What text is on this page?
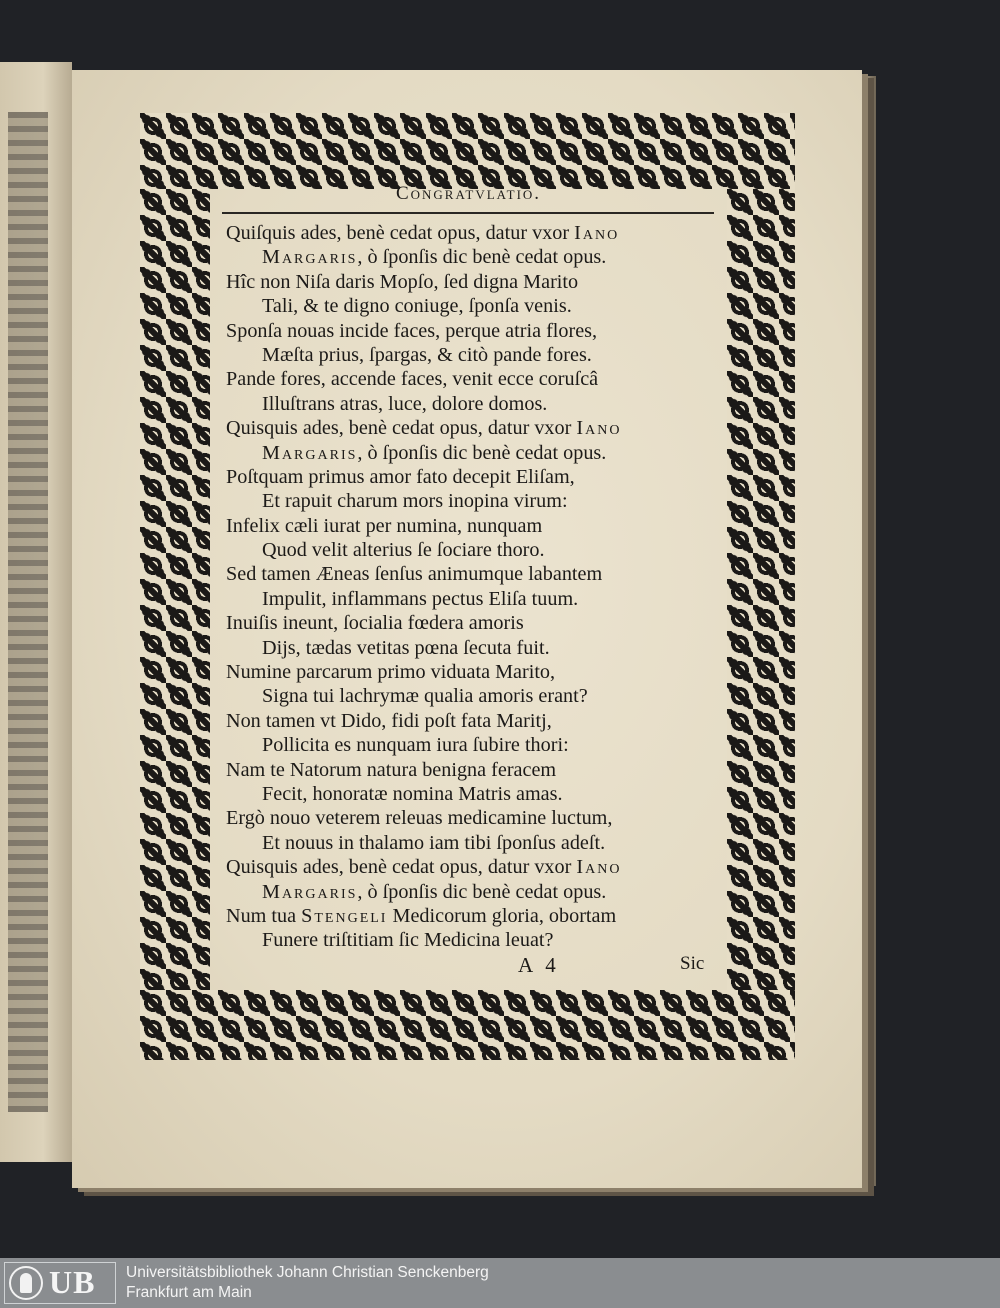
Congratvlatio.
Quiſquis ades, benè cedat opus, datur vxor Iano
Margaris, ò ſponſis dic benè cedat opus.
Hîc non Niſa daris Mopſo, ſed digna Marito
Tali, & te digno coniuge, ſponſa venis.
Sponſa nouas incide faces, perque atria flores,
Mæſta prius, ſpargas, & citò pande fores.
Pande fores, accende faces, venit ecce coruſcâ
Illuſtrans atras, luce, dolore domos.
Quisquis ades, benè cedat opus, datur vxor Iano
Margaris, ò ſponſis dic benè cedat opus.
Poſtquam primus amor fato decepit Eliſam,
Et rapuit charum mors inopina virum:
Infelix cæli iurat per numina, nunquam
Quod velit alterius ſe ſociare thoro.
Sed tamen Æneas ſenſus animumque labantem
Impulit, inflammans pectus Eliſa tuum.
Inuiſis ineunt, ſocialia fœdera amoris
Dijs, tædas vetitas pœna ſecuta fuit.
Numine parcarum primo viduata Marito,
Signa tui lachrymæ qualia amoris erant?
Non tamen vt Dido, fidi poſt fata Maritj,
Pollicita es nunquam iura ſubire thori:
Nam te Natorum natura benigna feracem
Fecit, honoratæ nomina Matris amas.
Ergò nouo veterem releuas medicamine luctum,
Et nouus in thalamo iam tibi ſponſus adeſt.
Quisquis ades, benè cedat opus, datur vxor Iano
Margaris, ò ſponſis dic benè cedat opus.
Num tua Stengeli Medicorum gloria, obortam
Funere triſtitiam ſic Medicina leuat?
A 4	Sic
UB Universitätsbibliothek Johann Christian Senckenberg
Frankfurt am Main
